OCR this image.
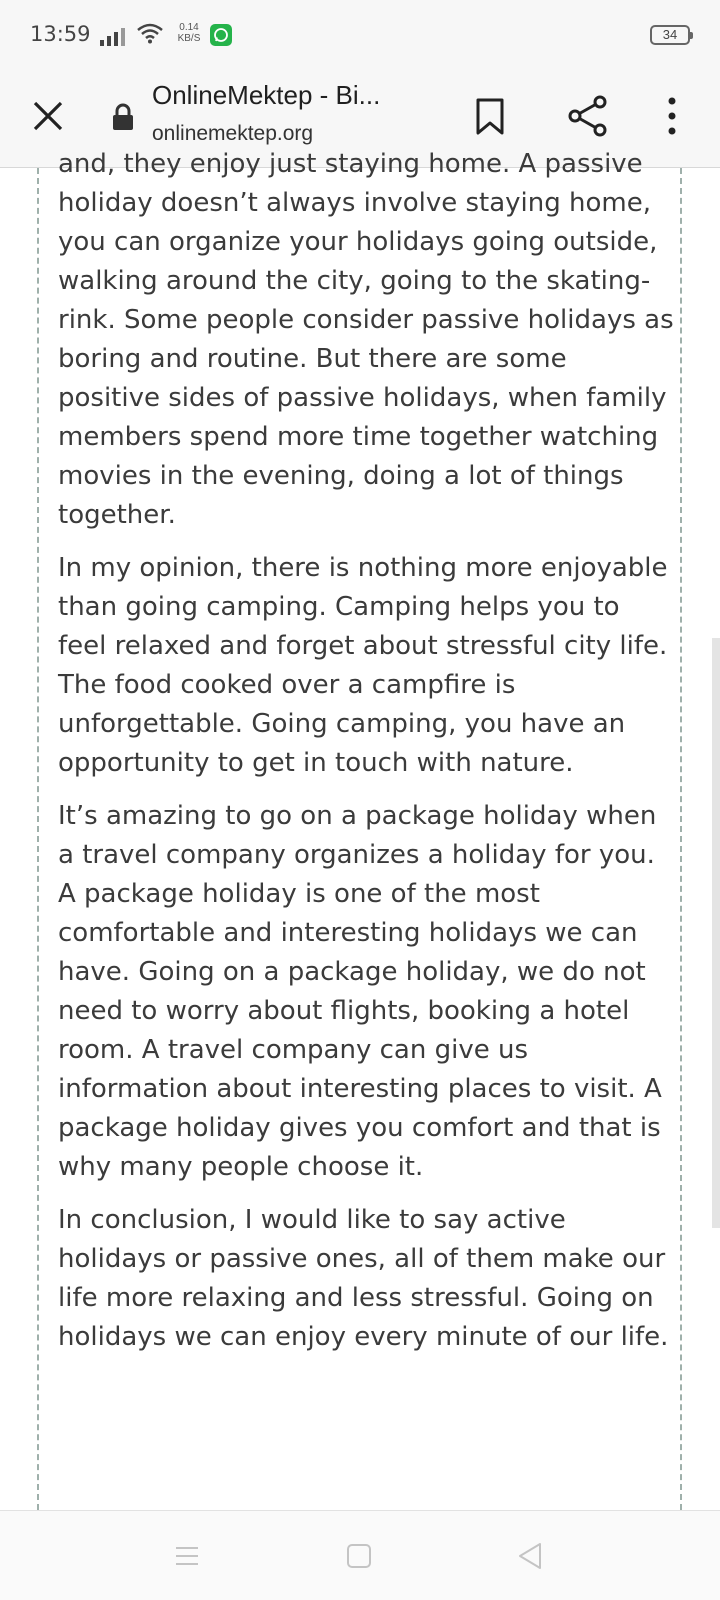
13:59	0.14
KB/S	34
OnlineMektep - Bi...
onlinemektep.org

and, they enjoy just staying home. A passive holiday doesn’t always involve staying home, you can organize your holidays going outside, walking around the city, going to the skating-rink. Some people consider passive holidays as boring and routine. But there are some positive sides of passive holidays, when family members spend more time together watching movies in the evening, doing a lot of things together.

In my opinion, there is nothing more enjoyable than going camping. Camping helps you to feel relaxed and forget about stressful city life. The food cooked over a campfire is unforgettable. Going camping, you have an opportunity to get in touch with nature.

It’s amazing to go on a package holiday when a travel company organizes a holiday for you. A package holiday is one of the most comfortable and interesting holidays we can have. Going on a package holiday, we do not need to worry about flights, booking a hotel room. A travel company can give us information about interesting places to visit. A package holiday gives you comfort and that is why many people choose it.

In conclusion, I would like to say active holidays or passive ones, all of them make our life more relaxing and less stressful. Going on holidays we can enjoy every minute of our life.
